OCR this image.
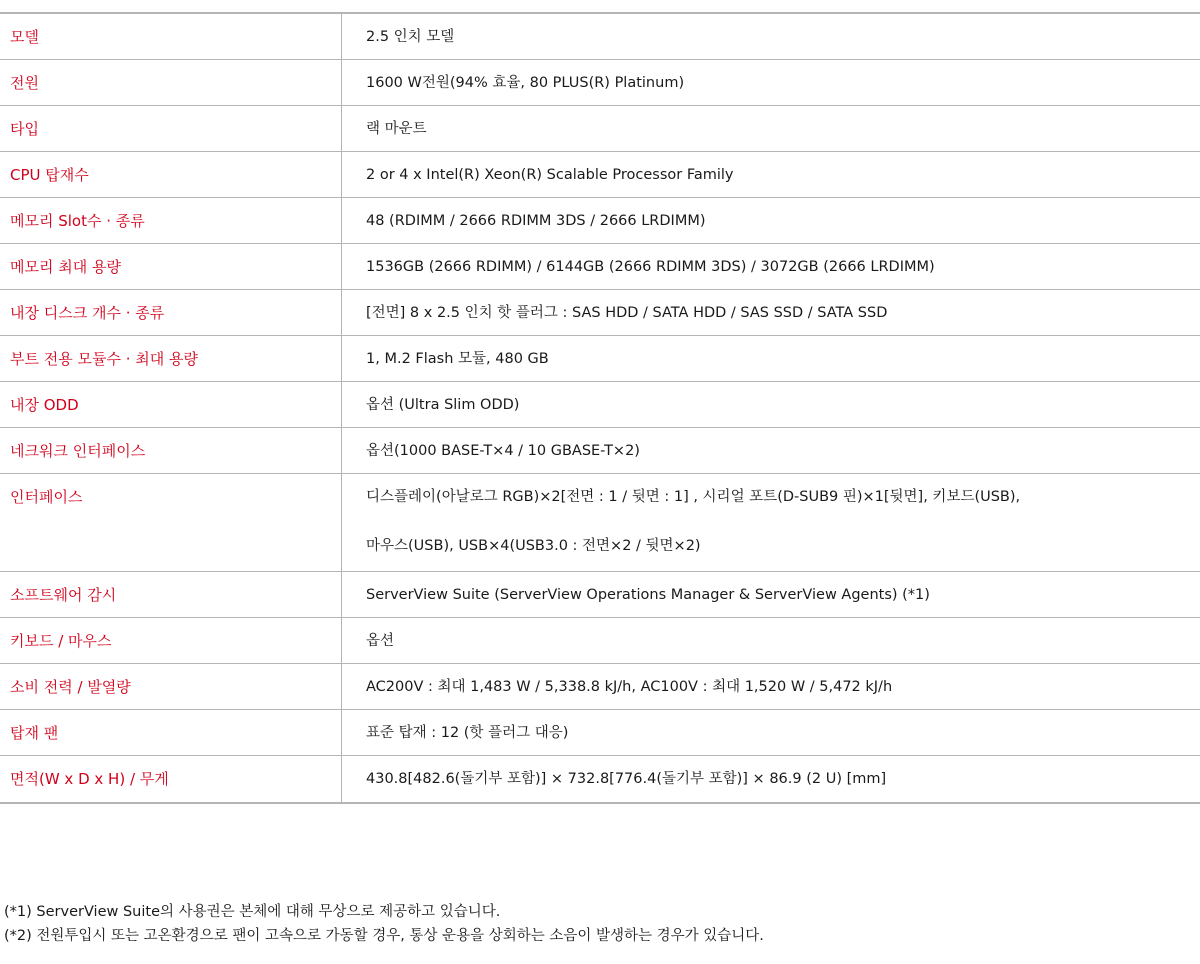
모델	2.5 인치 모델
전원	1600 W전원(94% 효율, 80 PLUS(R) Platinum)
타입	랙 마운트
CPU 탑재수	2 or 4 x Intel(R) Xeon(R) Scalable Processor Family
메모리 Slot수 · 종류	48 (RDIMM / 2666 RDIMM 3DS / 2666 LRDIMM)
메모리 최대 용량	1536GB (2666 RDIMM) / 6144GB (2666 RDIMM 3DS) / 3072GB (2666 LRDIMM)
내장 디스크 개수 · 종류	[전면] 8 x 2.5 인치 핫 플러그 : SAS HDD / SATA HDD / SAS SSD / SATA SSD
부트 전용 모듈수 · 최대 용량	1, M.2 Flash 모듈, 480 GB
내장 ODD	옵션 (Ultra Slim ODD)
네크워크 인터페이스	옵션(1000 BASE-T×4 / 10 GBASE-T×2)
인터페이스	디스플레이(아날로그 RGB)×2[전면 : 1 / 뒷면 : 1] , 시리얼 포트(D-SUB9 핀)×1[뒷면], 키보드(USB),
마우스(USB), USB×4(USB3.0 : 전면×2 / 뒷면×2)
소프트웨어 감시	ServerView Suite (ServerView Operations Manager & ServerView Agents) (*1)
키보드 / 마우스	옵션
소비 전력 / 발열량	AC200V : 최대 1,483 W / 5,338.8 kJ/h, AC100V : 최대 1,520 W / 5,472 kJ/h
탑재 팬	표준 탑재 : 12 (핫 플러그 대응)
면적(W x D x H) / 무게	430.8[482.6(돌기부 포함)] × 732.8[776.4(돌기부 포함)] × 86.9 (2 U) [mm]
(*1) ServerView Suite의 사용권은 본체에 대해 무상으로 제공하고 있습니다.
(*2) 전원투입시 또는 고온환경으로 팬이 고속으로 가동할 경우, 통상 운용을 상회하는 소음이 발생하는 경우가 있습니다.
